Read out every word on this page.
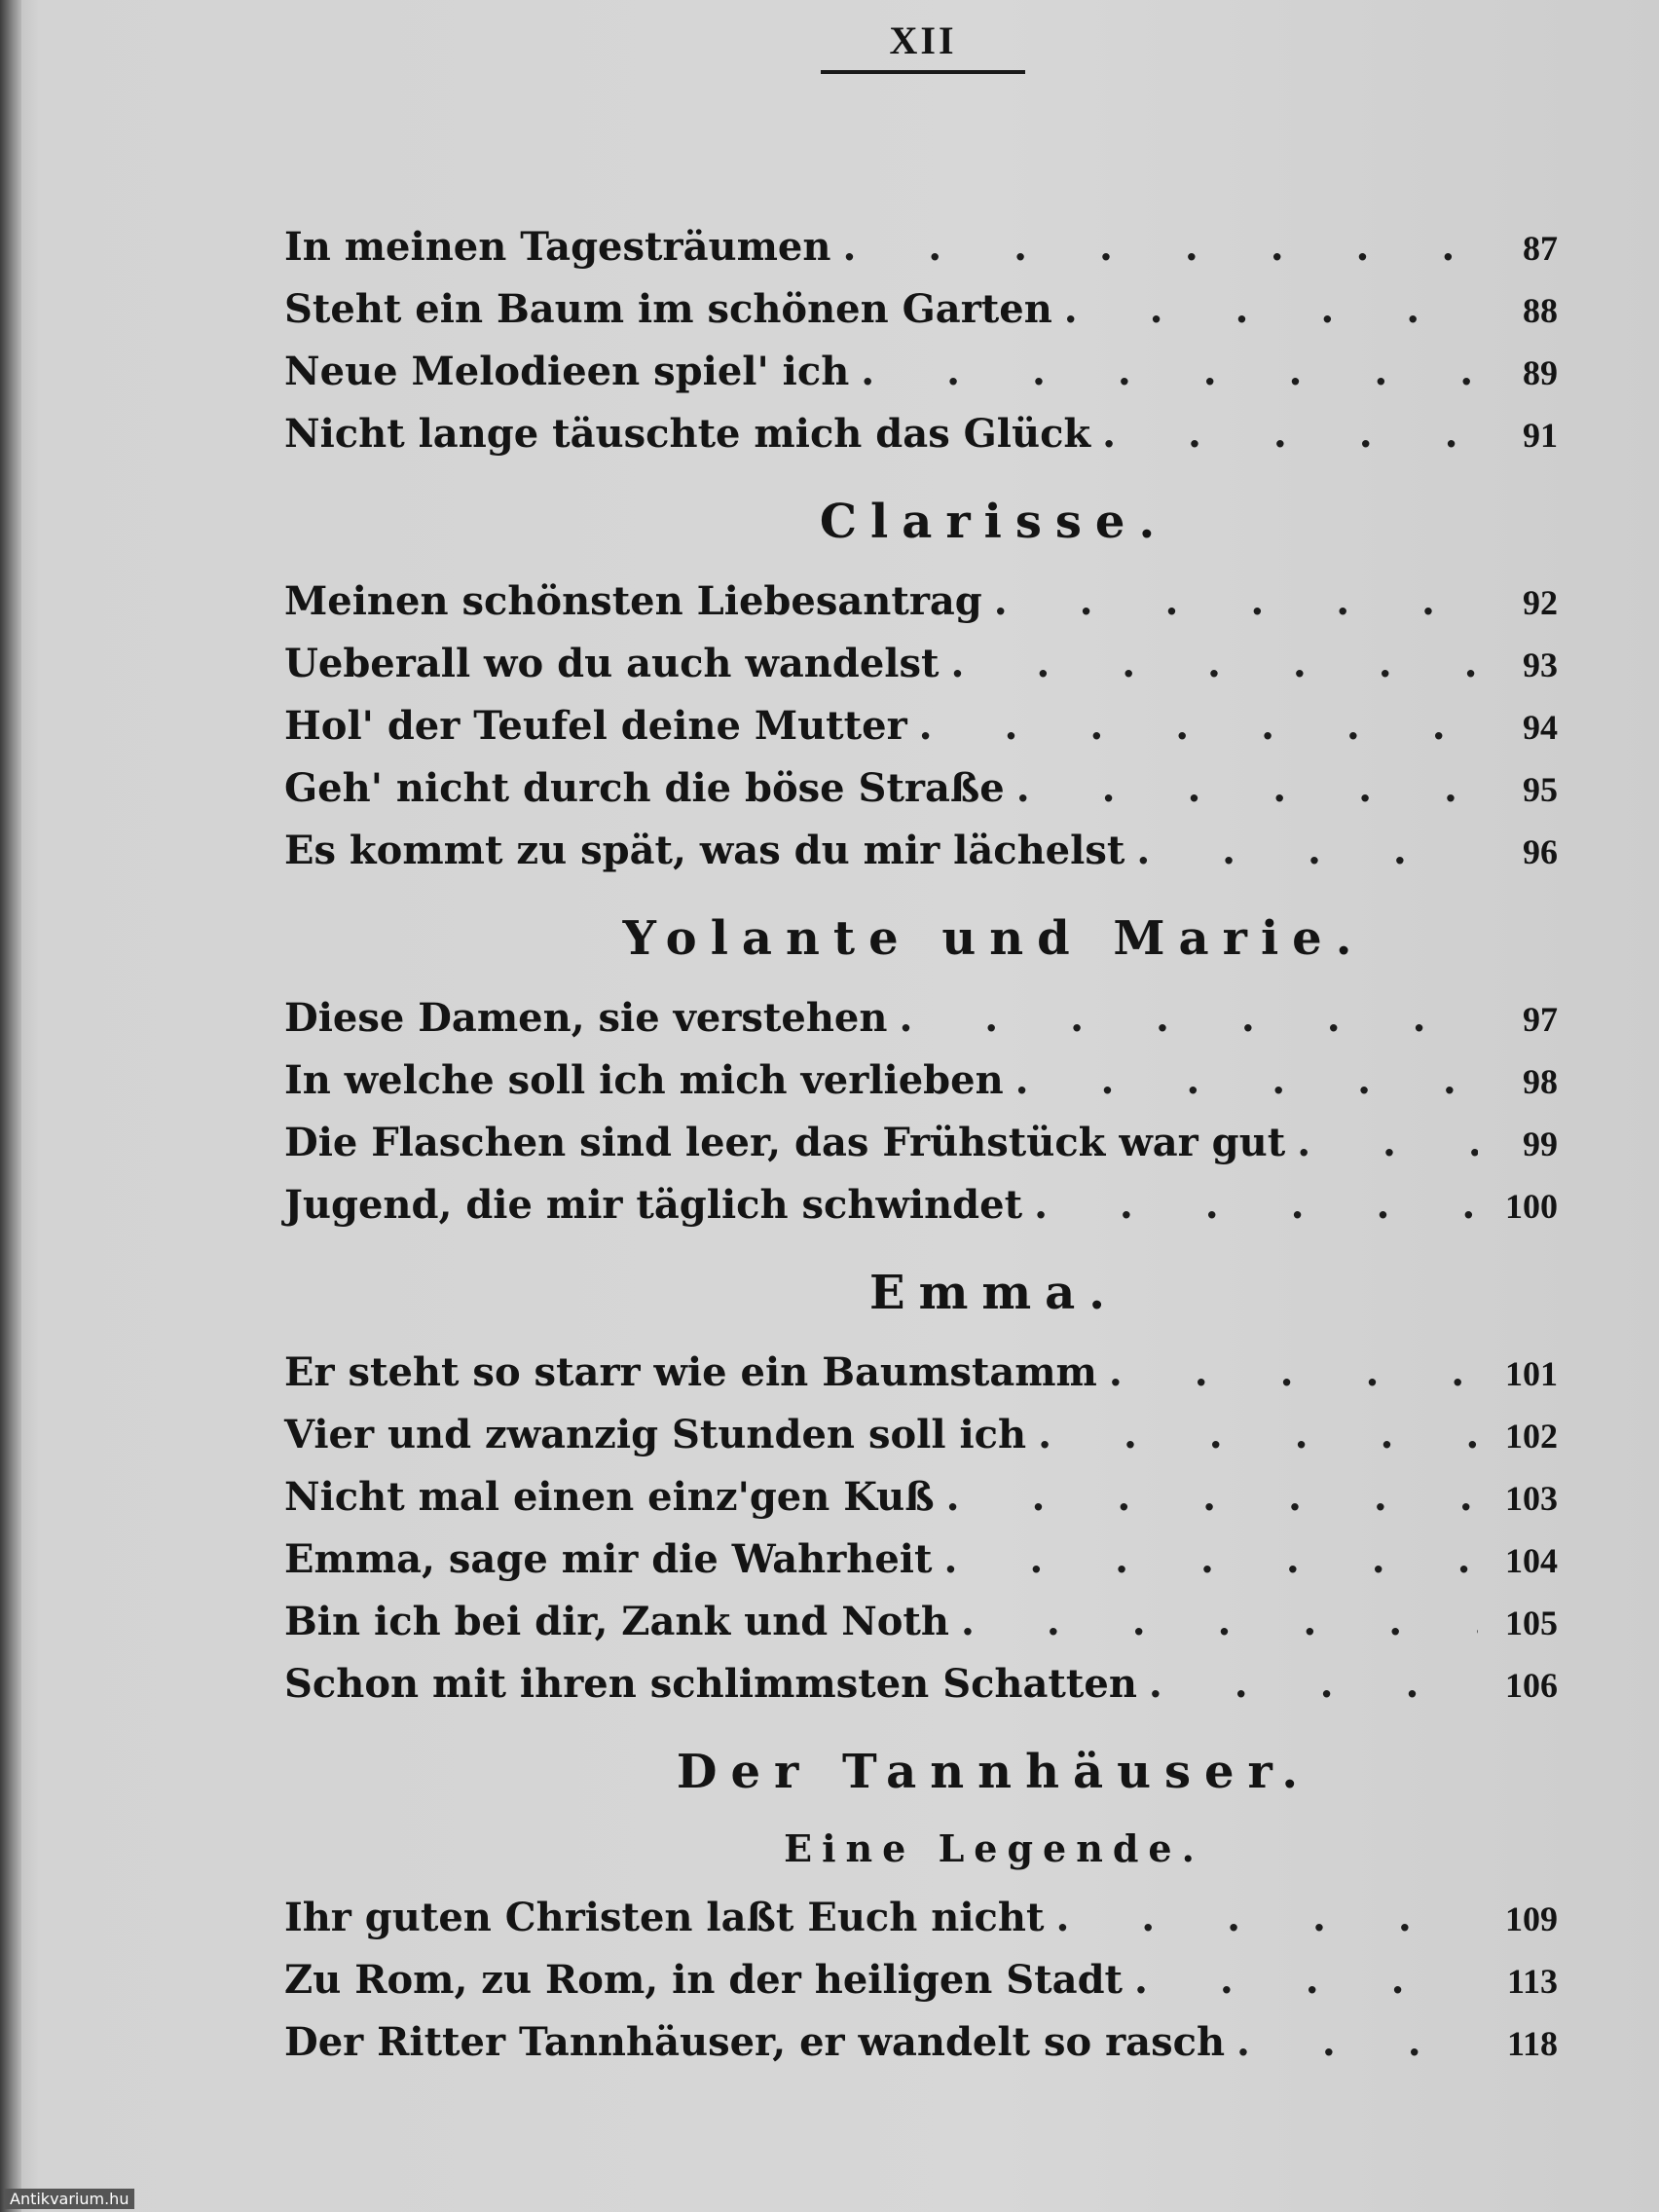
XII
In meinen Tagesträumen . . .	87
Steht ein Baum im schönen Garten . . .	88
Neue Melodieen spiel' ich . . .	89
Nicht lange täuschte mich das Glück . . .	91
Clarisse.
Meinen schönsten Liebesantrag . . .	92
Ueberall wo du auch wandelst . . .	93
Hol' der Teufel deine Mutter . . .	94
Geh' nicht durch die böse Straße . . .	95
Es kommt zu spät, was du mir lächelst . . .	96
Yolante und Marie.
Diese Damen, sie verstehen . . .	97
In welche soll ich mich verlieben . . .	98
Die Flaschen sind leer, das Frühstück war gut . . .	99
Jugend, die mir täglich schwindet . . .	100
Emma.
Er steht so starr wie ein Baumstamm . . .	101
Vier und zwanzig Stunden soll ich . . .	102
Nicht mal einen einz'gen Kuß . . .	103
Emma, sage mir die Wahrheit . . .	104
Bin ich bei dir, Zank und Noth . . .	105
Schon mit ihren schlimmsten Schatten . . .	106
Der Tannhäuser.
Eine Legende.
Ihr guten Christen laßt Euch nicht . . .	109
Zu Rom, zu Rom, in der heiligen Stadt . . .	113
Der Ritter Tannhäuser, er wandelt so rasch . . .	118
Antikvarium.hu
